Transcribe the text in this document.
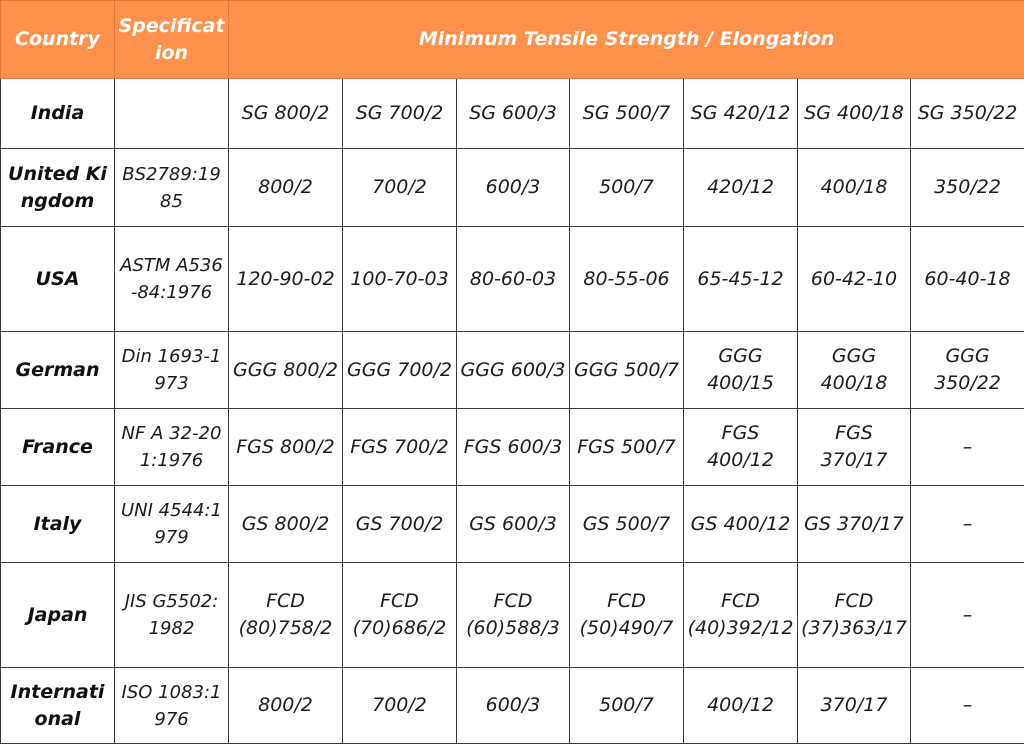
Country	Specification	Minimum Tensile Strength / Elongation						
India		SG 800/2	SG 700/2	SG 600/3	SG 500/7	SG 420/12	SG 400/18	SG 350/22
United Kingdom	BS2789:1985	800/2	700/2	600/3	500/7	420/12	400/18	350/22
USA	ASTM A536-84:1976	120-90-02	100-70-03	80-60-03	80-55-06	65-45-12	60-42-10	60-40-18
German	Din 1693-1973	GGG 800/2	GGG 700/2	GGG 600/3	GGG 500/7	GGG 400/15	GGG 400/18	GGG 350/22
France	NF A 32-201:1976	FGS 800/2	FGS 700/2	FGS 600/3	FGS 500/7	FGS 400/12	FGS 370/17	–
Italy	UNI 4544:1979	GS 800/2	GS 700/2	GS 600/3	GS 500/7	GS 400/12	GS 370/17	–
Japan	JIS G5502:1982	FCD (80)758/2	FCD (70)686/2	FCD (60)588/3	FCD (50)490/7	FCD (40)392/12	FCD (37)363/17	–
International	ISO 1083:1976	800/2	700/2	600/3	500/7	400/12	370/17	–
